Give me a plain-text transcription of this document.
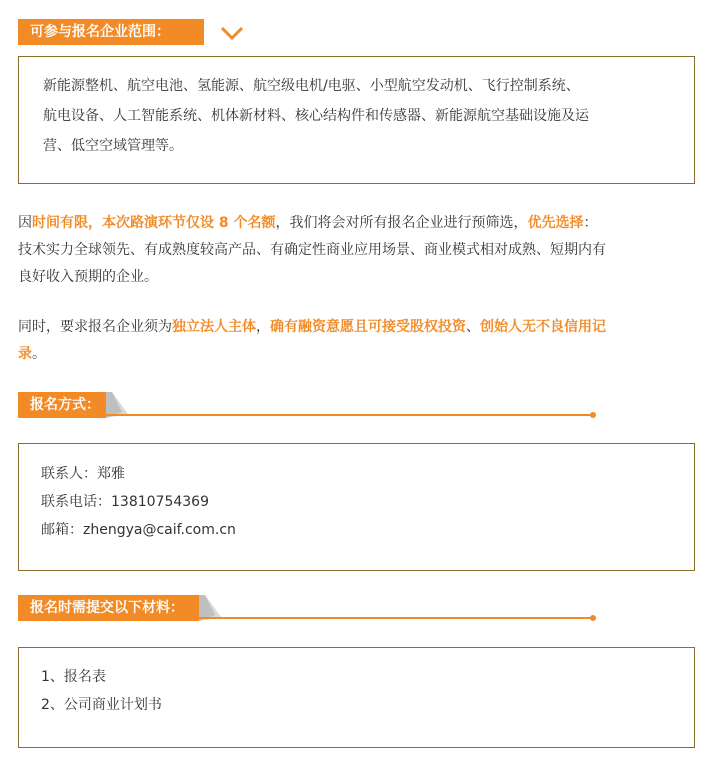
可参与报名企业范围：
新能源整机、航空电池、氢能源、航空级电机/电驱、小型航空发动机、飞行控制系统、
航电设备、人工智能系统、机体新材料、核心结构件和传感器、新能源航空基础设施及运
营、低空空域管理等。
因时间有限，本次路演环节仅设 8 个名额，我们将会对所有报名企业进行预筛选，优先选择：
技术实力全球领先、有成熟度较高产品、有确定性商业应用场景、商业模式相对成熟、短期内有
良好收入预期的企业。
同时，要求报名企业须为独立法人主体，确有融资意愿且可接受股权投资、创始人无不良信用记
录。
报名方式：
联系人：郑雅
联系电话：13810754369
邮箱：zhengya@caif.com.cn
报名时需提交以下材料：
1、报名表
2、公司商业计划书
